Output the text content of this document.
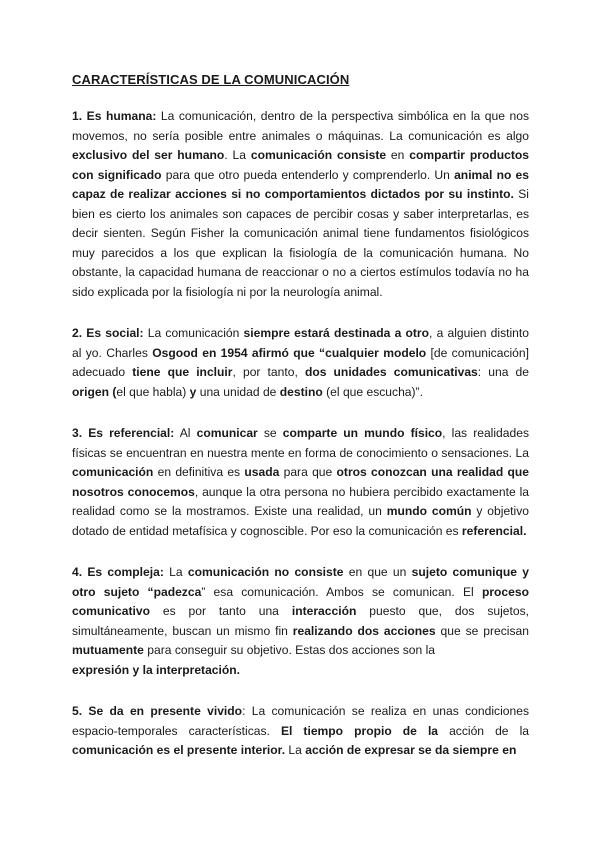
CARACTERÍSTICAS DE LA COMUNICACIÓN

1. Es humana: La comunicación, dentro de la perspectiva simbólica en la que nos movemos, no sería posible entre animales o máquinas. La comunicación es algo exclusivo del ser humano. La comunicación consiste en compartir productos con significado para que otro pueda entenderlo y comprenderlo. Un animal no es capaz de realizar acciones si no comportamientos dictados por su instinto. Si bien es cierto los animales son capaces de percibir cosas y saber interpretarlas, es decir sienten. Según Fisher la comunicación animal tiene fundamentos fisiológicos muy parecidos a los que explican la fisiología de la comunicación humana. No obstante, la capacidad humana de reaccionar o no a ciertos estímulos todavía no ha sido explicada por la fisiología ni por la neurología animal.

2. Es social: La comunicación siempre estará destinada a otro, a alguien distinto al yo. Charles Osgood en 1954 afirmó que “cualquier modelo [de comunicación] adecuado tiene que incluir, por tanto, dos unidades comunicativas: una de origen (el que habla) y una unidad de destino (el que escucha)”.

3. Es referencial: Al comunicar se comparte un mundo físico, las realidades físicas se encuentran en nuestra mente en forma de conocimiento o sensaciones. La comunicación en definitiva es usada para que otros conozcan una realidad que nosotros conocemos, aunque la otra persona no hubiera percibido exactamente la realidad como se la mostramos. Existe una realidad, un mundo común y objetivo dotado de entidad metafísica y cognoscible. Por eso la comunicación es referencial.

4. Es compleja: La comunicación no consiste en que un sujeto comunique y otro sujeto “padezca” esa comunicación. Ambos se comunican. El proceso comunicativo es por tanto una interacción puesto que, dos sujetos, simultáneamente, buscan un mismo fin realizando dos acciones que se precisan mutuamente para conseguir su objetivo. Estas dos acciones son la
expresión y la interpretación.

5. Se da en presente vivido: La comunicación se realiza en unas condiciones espacio-temporales características. El tiempo propio de la acción de la comunicación es el presente interior. La acción de expresar se da siempre en
